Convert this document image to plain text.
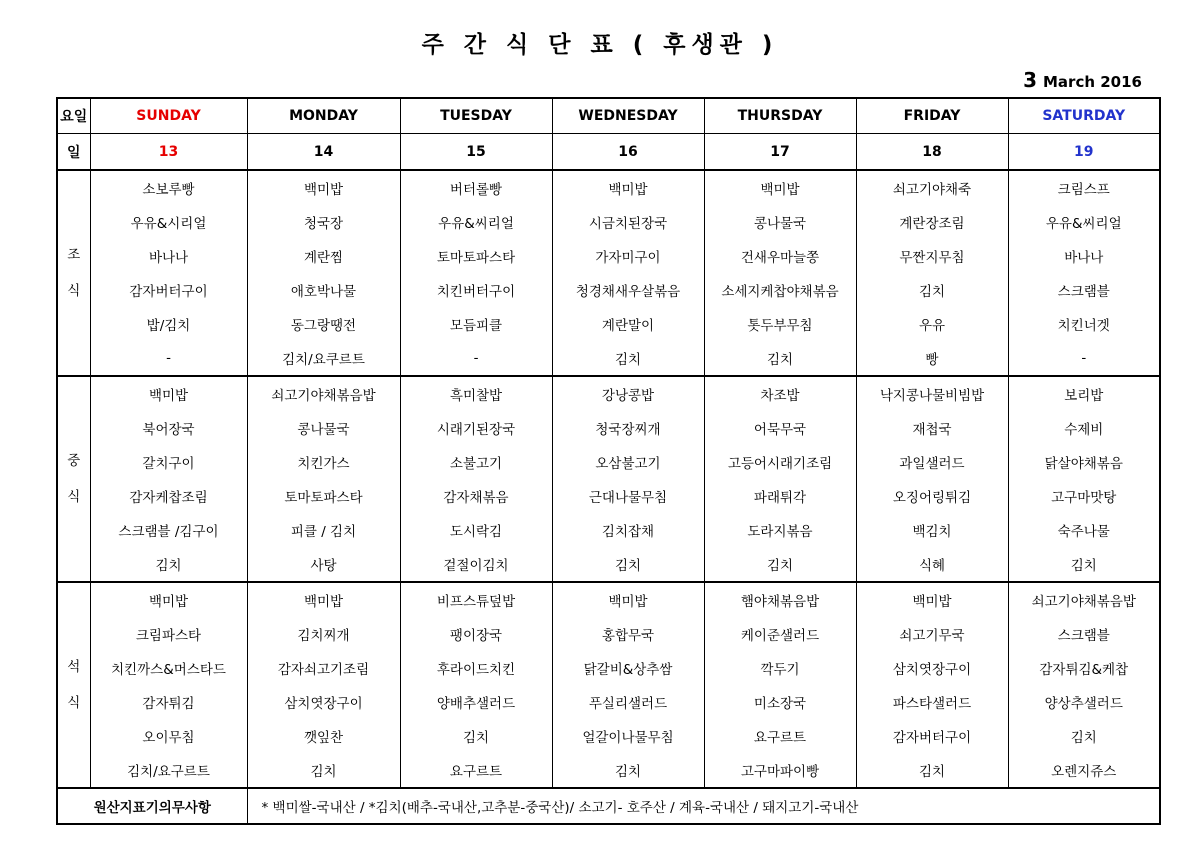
주 간 식 단 표 ( 후생관 )
3 March 2016
요일	SUNDAY	MONDAY	TUESDAY	WEDNESDAY	THURSDAY	FRIDAY	SATURDAY
일	13	14	15	16	17	18	19

조
식	소보루빵	백미밥	버터롤빵	백미밥	백미밥	쇠고기야채죽	크림스프
	우유&시리얼	청국장	우유&씨리얼	시금치된장국	콩나물국	계란장조림	우유&씨리얼
	바나나	계란찜	토마토파스타	가자미구이	건새우마늘쫑	무짠지무침	바나나
	감자버터구이	애호박나물	치킨버터구이	청경채새우살볶음	소세지케찹야채볶음	김치	스크램블
	밥/김치	동그랑땡전	모듬피클	계란말이	톳두부무침	우유	치킨너겟
	-	김치/요쿠르트	-	김치	김치	빵	-

중
식	백미밥	쇠고기야채볶음밥	흑미찰밥	강낭콩밥	차조밥	낙지콩나물비빔밥	보리밥
	북어장국	콩나물국	시래기된장국	청국장찌개	어묵무국	재첩국	수제비
	갈치구이	치킨가스	소불고기	오삼불고기	고등어시래기조림	과일샐러드	닭살야채볶음
	감자케찹조림	토마토파스타	감자채볶음	근대나물무침	파래튀각	오징어링튀김	고구마맛탕
	스크램블 /김구이	피클 / 김치	도시락김	김치잡채	도라지볶음	백김치	숙주나물
	김치	사탕	겉절이김치	김치	김치	식혜	김치

석
식	백미밥	백미밥	비프스튜덮밥	백미밥	햄야채볶음밥	백미밥	쇠고기야채볶음밥
	크림파스타	김치찌개	팽이장국	홍합무국	케이준샐러드	쇠고기무국	스크램블
	치킨까스&머스타드	감자쇠고기조림	후라이드치킨	닭갈비&상추쌈	깍두기	삼치엿장구이	감자튀김&케찹
	감자튀김	삼치엿장구이	양배추샐러드	푸실리샐러드	미소장국	파스타샐러드	양상추샐러드
	오이무침	깻잎찬	김치	얼갈이나물무침	요구르트	감자버터구이	김치
	김치/요구르트	김치	요구르트	김치	고구마파이빵	김치	오렌지쥬스
원산지표기의무사항		* 백미쌀-국내산 / *김치(배추-국내산,고추분-중국산)/ 소고기- 호주산 / 계육-국내산 / 돼지고기-국내산					
